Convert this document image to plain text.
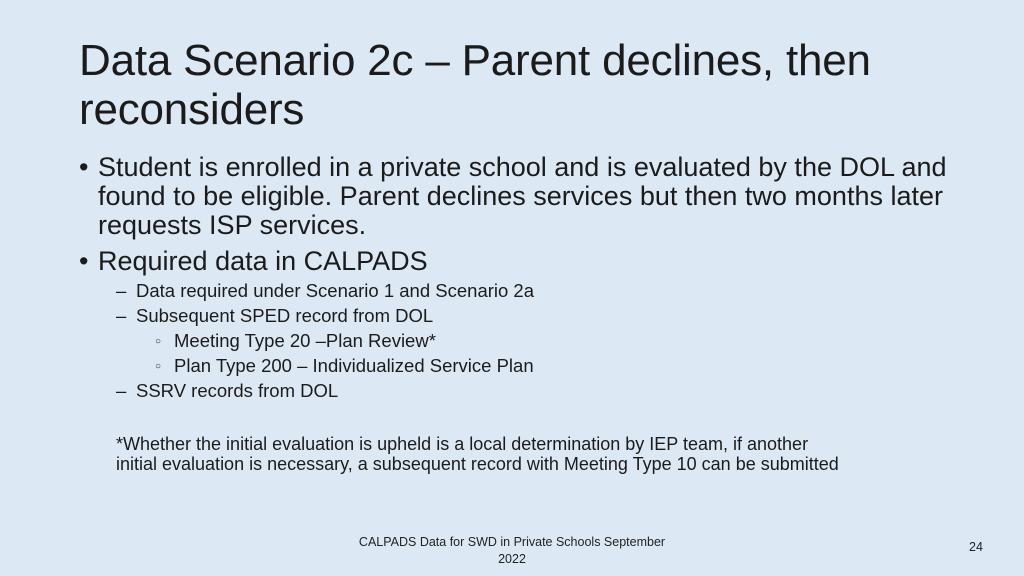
Data Scenario 2c – Parent declines, then reconsiders

• Student is enrolled in a private school and is evaluated by the DOL and found to be eligible. Parent declines services but then two months later requests ISP services.

• Required data in CALPADS

– Data required under Scenario 1 and Scenario 2a

– Subsequent SPED record from DOL

○ Meeting Type 20 –Plan Review*

○ Plan Type 200 – Individualized Service Plan

– SSRV records from DOL

*Whether the initial evaluation is upheld is a local determination by IEP team, if another
initial evaluation is necessary, a subsequent record with Meeting Type 10 can be submitted

CALPADS Data for SWD in Private Schools September
2022
24
